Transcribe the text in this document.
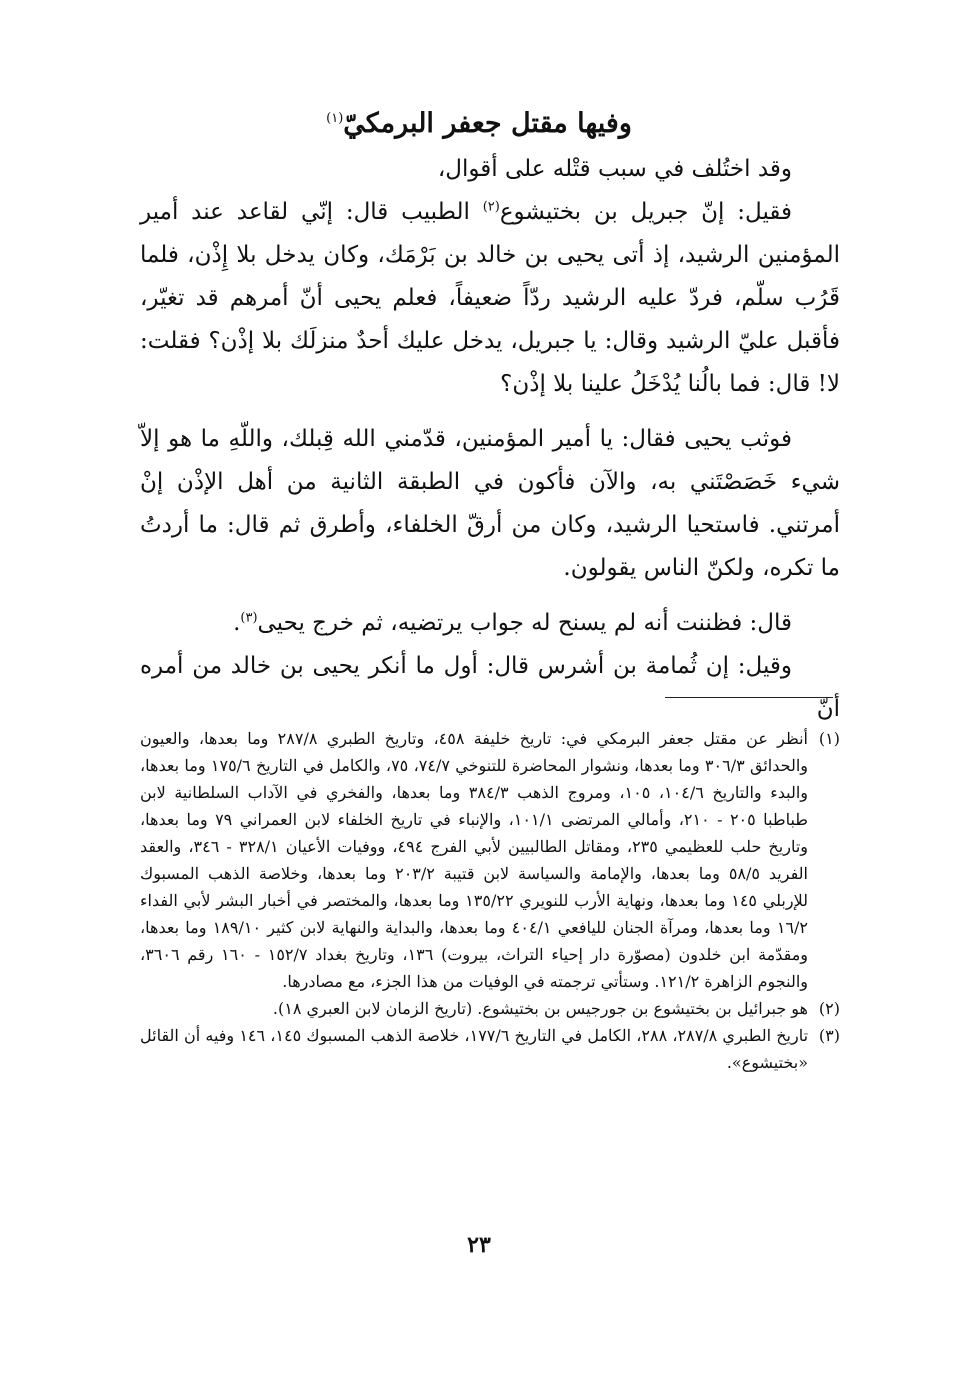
وفيها مقتل جعفر البرمكيّ$^{(١)}$

وقد اختُلف في سبب قتْله على أقوال،

فقيل: إنّ جبريل بن بختيشوع$^{(٢)}$ الطبيب قال: إنّي لقاعد عند أمير المؤمنين الرشيد، إذ أتى يحيى بن خالد بن بَرْمَك، وكان يدخل بلا إِذْن، فلما قَرُب سلّم، فردّ عليه الرشيد ردّاً ضعيفاً، فعلم يحيى أنّ أمرهم قد تغيّر، فأقبل عليّ الرشيد وقال: يا جبريل، يدخل عليك أحدٌ منزلَك بلا إذْن؟ فقلت: لا! قال: فما بالُنا يُدْخَلُ علينا بلا إذْن؟

فوثب يحيى فقال: يا أمير المؤمنين، قدّمني الله قِبلك، واللّهِ ما هو إلاّ شيء خَصَصْتَني به، والآن فأكون في الطبقة الثانية من أهل الإذْن إنْ أمرتني. فاستحيا الرشيد، وكان من أرقّ الخلفاء، وأطرق ثم قال: ما أردتُ ما تكره، ولكنّ الناس يقولون.

قال: فظننت أنه لم يسنح له جواب يرتضيه، ثم خرج يحيى$^{(٣)}$.

وقيل: إن ثُمامة بن أشرس قال: أول ما أنكر يحيى بن خالد من أمره أنّ

(١)

أنظر عن مقتل جعفر البرمكي في: تاريخ خليفة ٤٥٨، وتاريخ الطبري ٢٨٧/٨ وما بعدها، والعيون والحدائق ٣٠٦/٣ وما بعدها، ونشوار المحاضرة للتنوخي ٧٤/٧، ٧٥، والكامل في التاريخ ١٧٥/٦ وما بعدها، والبدء والتاريخ ١٠٤/٦، ١٠٥، ومروج الذهب ٣٨٤/٣ وما بعدها، والفخري في الآداب السلطانية لابن طباطبا ٢٠٥ - ٢١٠، وأمالي المرتضى ١٠١/١، والإنباء في تاريخ الخلفاء لابن العمراني ٧٩ وما بعدها، وتاريخ حلب للعظيمي ٢٣٥، ومقاتل الطالبيين لأبي الفرج ٤٩٤، ووفيات الأعيان ٣٢٨/١ - ٣٤٦، والعقد الفريد ٥٨/٥ وما بعدها، والإمامة والسياسة لابن قتيبة ٢٠٣/٢ وما بعدها، وخلاصة الذهب المسبوك للإربلي ١٤٥ وما بعدها، ونهاية الأرب للنويري ١٣٥/٢٢ وما بعدها، والمختصر في أخبار البشر لأبي الفداء ١٦/٢ وما بعدها، ومرآة الجنان لليافعي ٤٠٤/١ وما بعدها، والبداية والنهاية لابن كثير ١٨٩/١٠ وما بعدها، ومقدّمة ابن خلدون (مصوّرة دار إحياء التراث، بيروت) ١٣٦، وتاريخ بغداد ١٥٢/٧ - ١٦٠ رقم ٣٦٠٦، والنجوم الزاهرة ١٢١/٢. وستأتي ترجمته في الوفيات من هذا الجزء، مع مصادرها.

(٢)

هو جبرائيل بن بختيشوع بن جورجيس بن بختيشوع. (تاريخ الزمان لابن العبري ١٨).

(٣)

تاريخ الطبري ٢٨٧/٨، ٢٨٨، الكامل في التاريخ ١٧٧/٦، خلاصة الذهب المسبوك ١٤٥، ١٤٦ وفيه أن القائل «بختيشوع».

٢٣
